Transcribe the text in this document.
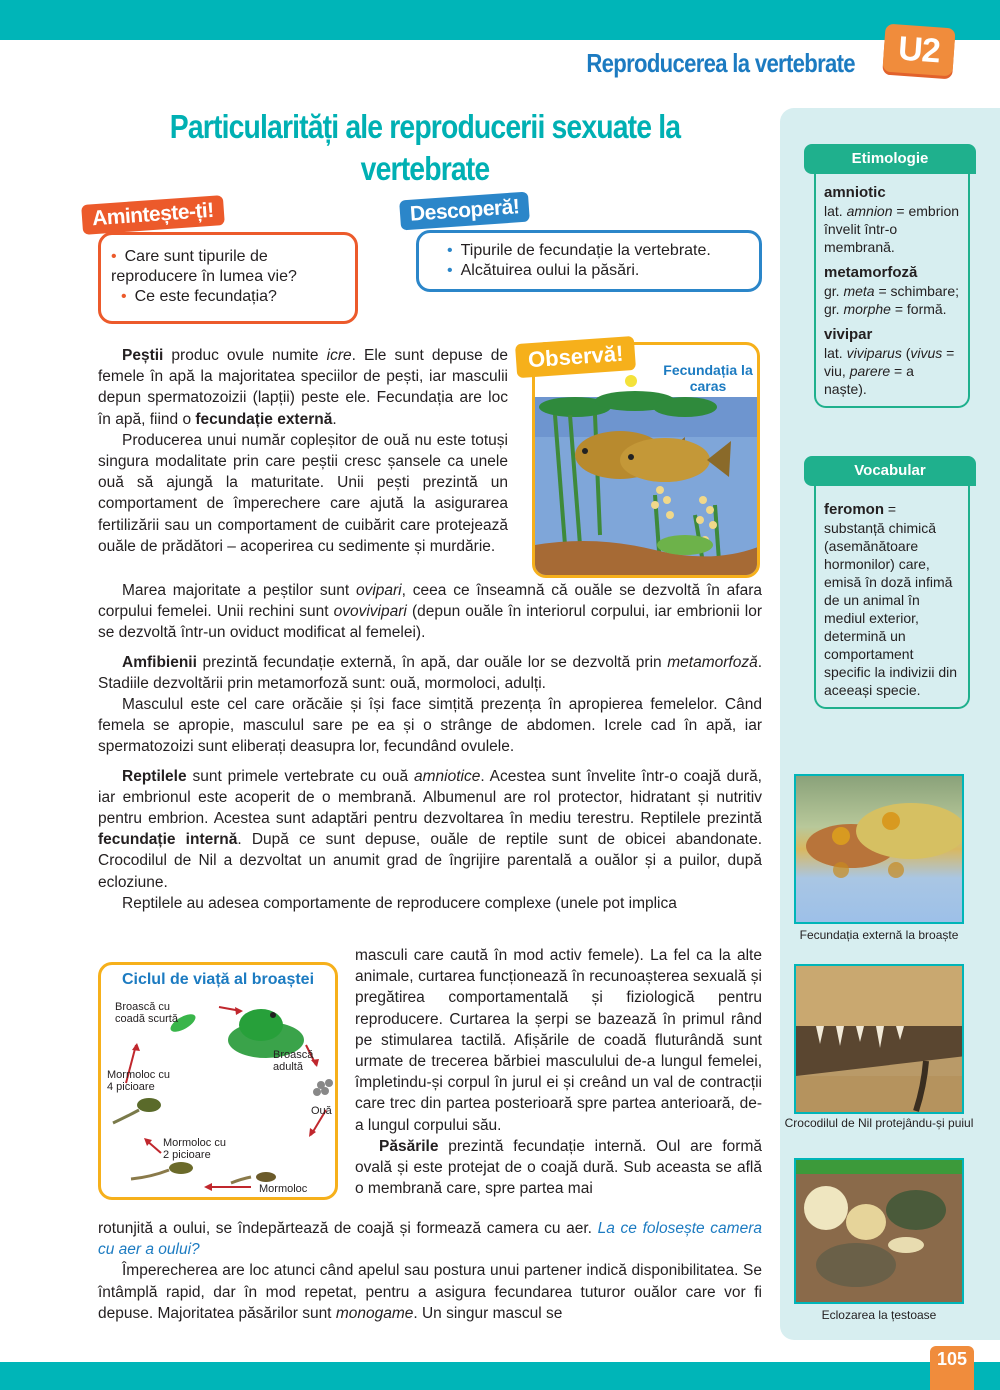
U2
Reproducerea la vertebrate
Particularități ale reproducerii sexuate la vertebrate
• Care sunt tipurile de reproducere în lumea vie?
• Ce este fecundația?
Amintește-ți!
• Tipurile de fecundație la vertebrate.
• Alcătuirea oului la păsări.
Descoperă!

Peștii produc ovule numite icre. Ele sunt depuse de femele în apă la majoritatea speciilor de pești, iar masculii depun spermatozoizii (lapții) peste ele. Fecundația are loc în apă, fiind o fecundație externă.

Producerea unui număr copleșitor de ouă nu este totuși singura modalitate prin care peștii cresc șansele ca unele ouă să ajungă la maturitate. Unii pești prezintă un comportament de împerechere care ajută la asigurarea fertilizării sau un comportament de cuibărit care protejează ouăle de prădători – acoperirea cu sedimente și murdărie.

Observă!	Fecundația la caras

Marea majoritate a peștilor sunt ovipari, ceea ce înseamnă că ouăle se dezvoltă în afara corpului femelei. Unii rechini sunt ovovivipari (depun ouăle în interiorul corpului, iar embrionii lor se dezvoltă într-un oviduct modificat al femelei).

Amfibienii prezintă fecundație externă, în apă, dar ouăle lor se dezvoltă prin metamorfoză. Stadiile dezvoltării prin metamorfoză sunt: ouă, mormoloci, adulți.

Masculul este cel care orăcăie și își face simțită prezența în apropierea femelelor. Când femela se apropie, masculul sare pe ea și o strânge de abdomen. Icrele cad în apă, iar spermatozoizi sunt eliberați deasupra lor, fecundând ovulele.

Reptilele sunt primele vertebrate cu ouă amniotice. Acestea sunt învelite într-o coajă dură, iar embrionul este acoperit de o membrană. Albumenul are rol protector, hidratant și nutritiv pentru embrion. Acestea sunt adaptări pentru dezvoltarea în mediu terestru. Reptilele prezintă fecundație internă. După ce sunt depuse, ouăle de reptile sunt de obicei abandonate. Crocodilul de Nil a dezvoltat un anumit grad de îngrijire parentală a ouălor și a puilor, după ecloziune.

Reptilele au adesea comportamente de reproducere complexe (unele pot implica

Ciclul de viață al broaștei
Broască cu coadă scurtă
Broască adultă
Ouă
Mormoloc
Mormoloc cu 2 picioare
Mormoloc cu 4 picioare

masculi care caută în mod activ femele). La fel ca la alte animale, curtarea funcționează în recunoașterea sexuală și pregătirea comportamentală și fiziologică pentru reproducere. Curtarea la șerpi se bazează în primul rând pe stimularea tactilă. Afișările de coadă fluturândă sunt urmate de trecerea bărbiei masculului de-a lungul femelei, împletindu-și corpul în jurul ei și creând un val de contracții care trec din partea posterioară spre partea anterioară, de-a lungul corpului său.

Păsările prezintă fecundație internă. Oul are formă ovală și este protejat de o coajă dură. Sub aceasta se află o membrană care, spre partea mai

rotunjită a oului, se îndepărtează de coajă și formează camera cu aer. La ce folosește camera cu aer a oului?

Împerecherea are loc atunci când apelul sau postura unui partener indică disponibilitatea. Se întâmplă rapid, dar în mod repetat, pentru a asigura fecundarea tuturor ouălor care vor fi depuse. Majoritatea păsărilor sunt monogame. Un singur mascul se

Etimologie
amniotic
lat. amnion = embrion învelit într-o membrană.
metamorfoză
gr. meta = schimbare;
gr. morphe = formă.
vivipar
lat. viviparus (vivus = viu, parere = a naște).
Vocabular
feromon = substanță chimică (asemănătoare hormonilor) care, emisă în doză infimă de un animal în mediul exterior, determină un comportament specific la indivizii din aceeași specie.
Fecundația externă la broaște
Crocodilul de Nil protejându-și puiul
Eclozarea la țestoase
105
